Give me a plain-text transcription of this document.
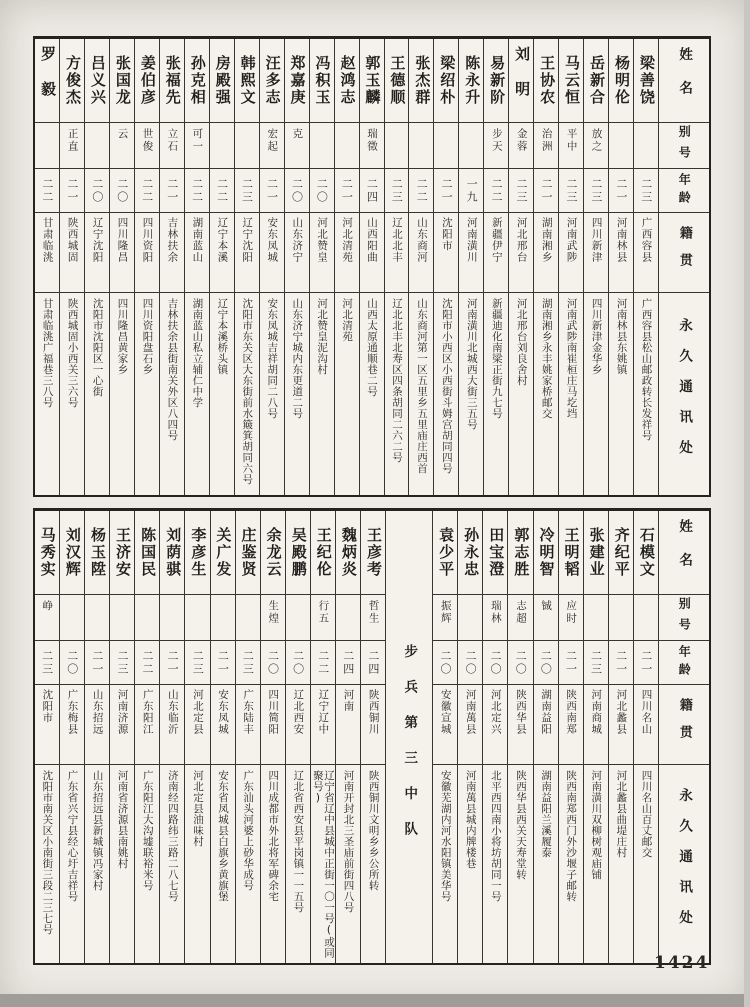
姓名
别号
年龄
籍贯
永久通讯处
梁善饶
二三
广西容县
广西容县松山邮政转长发祥号
杨明伦
二一
河南林县
河南林县东姚镇
岳新合
放之
二三
四川新津
四川新津金华乡
马云恒
平中
二三
河南武陟
河南武陟南崔桓庄马圪垱
王协农
治洲
二一
湖南湘乡
湖南湘乡永丰姚家桥邮交
刘明
金蓉
二三
河北邢台
河北邢台刘良舍村
易新阶
步天
二二
新疆伊宁
新疆迪化南梁正街九七号
陈永升
一九
河南潢川
河南潢川北城西大街三五号
梁绍朴
二一
沈阳市
沈阳市小西区小西街斗姆宫胡同四号
张杰群
二二
山东商河
山东商河第一区五里乡五里庙庄西首
王德顺
二三
辽北北丰
辽北北丰北寿区四条胡同二六二号
郭玉麟
瑞徵
二四
山西阳曲
山西太原通顺巷二号
赵鸿志
二一
河北清苑
河北清苑
冯积玉
二〇
河北赞皇
河北赞皇泥沟村
郑嘉庚
克
二〇
山东济宁
山东济宁城内东更道二号
汪多志
宏起
二一
安东凤城
安东凤城吉祥胡同二八号
韩熙文
二三
辽宁沈阳
沈阳市东关区大东街前水簸箕胡同六号
房殿强
二二
辽宁本溪
辽宁本溪桥头镇
孙克相
可一
二二
湖南蓝山
湖南蓝山私立辅仁中学
张福先
立石
二一
吉林扶余
吉林扶余县街南关外区八四号
姜伯彦
世俊
二二
四川资阳
四川资阳盘石乡
张国龙
云
二〇
四川隆昌
四川隆昌黄家乡
吕义兴
二〇
辽宁沈阳
沈阳市沈阳区一心街
方俊杰
正直
二一
陕西城固
陕西城固小西关三六号
罗毅
二二
甘肃临洮
甘肃临洮广福巷三八号
姓名
别号
年龄
籍贯
永久通讯处
石模文
二一
四川名山
四川名山百丈邮交
齐纪平
二一
河北蠡县
河北蠡县曲堤庄村
张建业
二三
河南商城
河南潢川双柳树观庙铺
王明韬
应时
二一
陕西南郑
陕西南郑西门外沙堰子邮转
冷明智
铖
二〇
湖南益阳
湖南益阳兰溪履泰
郭志胜
志超
二〇
陕西华县
陕西华县西关天寿堂转
田宝澄
瑞林
二〇
河北定兴
北平西四南小将坊胡同一号
孙永忠
二〇
河南萬县
河南萬县城内牌楼巷
袁少平
振辉
二〇
安徽宣城
安徽芜湖内河水阳镇美华号
步兵第三中队
王彦考
哲生
二四
陕西铜川
陕西铜川文明乡乡公所转
魏炳炎
二四
河南
河南开封北三圣庙前街四八号
王纪伦
行五
二二
辽宁辽中
辽宁省辽中县城中正街一〇一号(或同聚号)
吴殿鹏
二〇
辽北西安
辽北省西安县平岗镇一一五号
余龙云
生煌
二〇
四川简阳
四川成都市外北将军碑余宅
庄鉴贤
二三
广东陆丰
广东汕头河婆上砂华成号
关广发
二一
安东凤城
安东省凤城县白旗乡黄旗堡
李彦生
二三
河北定县
河北定县油味村
刘荫骐
二一
山东临沂
济南经四路纬三路二八七号
陈国民
二二
广东阳江
广东阳江大沟墟联裕米号
王济安
二三
河南济源
河南省济源县南姚村
杨玉陞
二一
山东招远
山东招远县新城镇冯家村
刘汉辉
二〇
广东梅县
广东省兴宁县经心圩吉祥号
马秀实
峥
二三
沈阳市
沈阳市南关区小南街三段二三七号
1424
